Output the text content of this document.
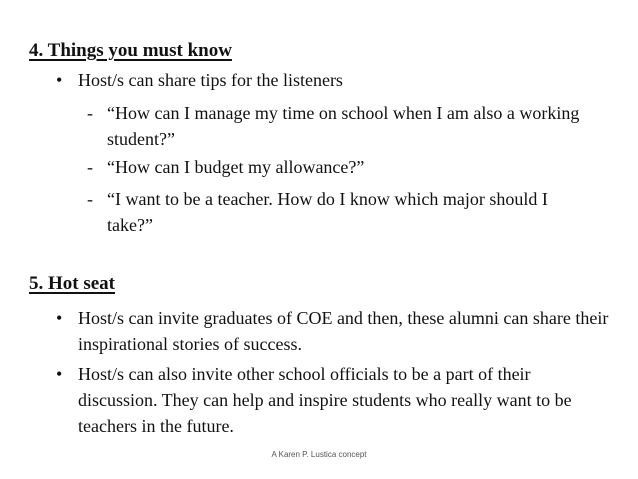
4. Things you must know
• Host/s can share tips for the listeners
- “How can I manage my time on school when I am also a working student?”
- “How can I budget my allowance?”
- “I want to be a teacher. How do I know which major should I take?”
5. Hot seat
• Host/s can invite graduates of COE and then, these alumni can share their inspirational stories of success.
• Host/s can also invite other school officials to be a part of their discussion. They can help and inspire students who really want to be teachers in the future.
A Karen P. Lustica concept
